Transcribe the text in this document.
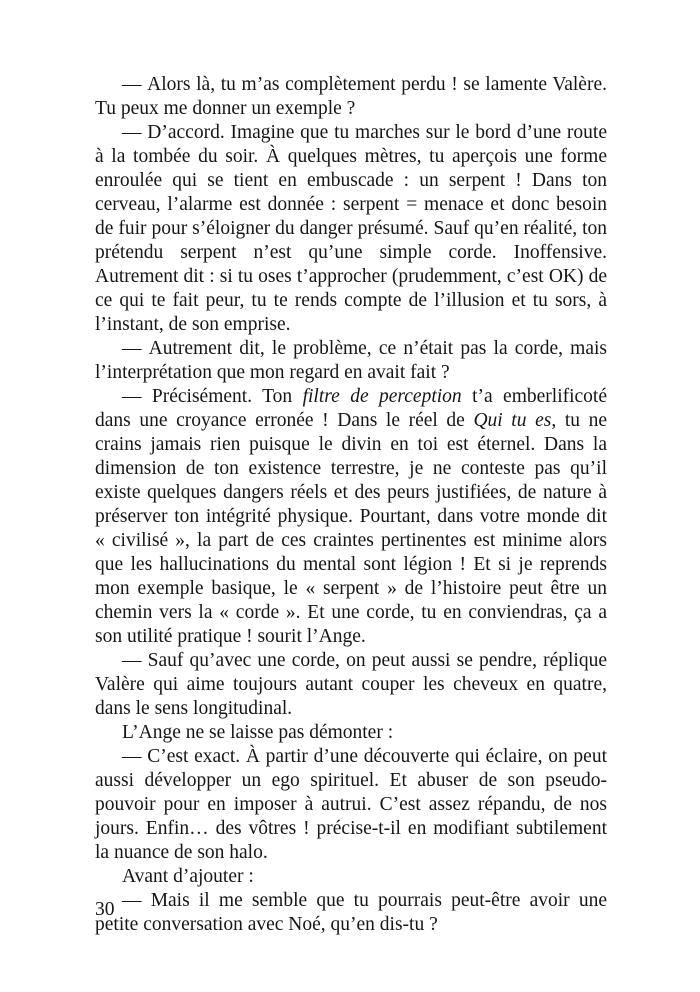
— Alors là, tu m’as complètement perdu ! se lamente Valère. Tu peux me donner un exemple ?

— D’accord. Imagine que tu marches sur le bord d’une route à la tombée du soir. À quelques mètres, tu aperçois une forme enroulée qui se tient en embuscade : un serpent ! Dans ton cerveau, l’alarme est donnée : serpent = menace et donc besoin de fuir pour s’éloigner du danger présumé. Sauf qu’en réalité, ton prétendu serpent n’est qu’une simple corde. Inoffensive. Autrement dit : si tu oses t’approcher (prudemment, c’est OK) de ce qui te fait peur, tu te rends compte de l’illusion et tu sors, à l’instant, de son emprise.

— Autrement dit, le problème, ce n’était pas la corde, mais l’interprétation que mon regard en avait fait ?

— Précisément. Ton filtre de perception t’a emberlificoté dans une croyance erronée ! Dans le réel de Qui tu es, tu ne crains jamais rien puisque le divin en toi est éternel. Dans la dimension de ton existence terrestre, je ne conteste pas qu’il existe quelques dangers réels et des peurs justifiées, de nature à préserver ton intégrité physique. Pourtant, dans votre monde dit « civilisé », la part de ces craintes pertinentes est minime alors que les hallucinations du mental sont légion ! Et si je reprends mon exemple basique, le « serpent » de l’histoire peut être un chemin vers la « corde ». Et une corde, tu en conviendras, ça a son utilité pratique ! sourit l’Ange.

— Sauf qu’avec une corde, on peut aussi se pendre, réplique Valère qui aime toujours autant couper les cheveux en quatre, dans le sens longitudinal.

L’Ange ne se laisse pas démonter :

— C’est exact. À partir d’une découverte qui éclaire, on peut aussi développer un ego spirituel. Et abuser de son pseudo-pouvoir pour en imposer à autrui. C’est assez répandu, de nos jours. Enfin… des vôtres ! précise-t-il en modifiant subtilement la nuance de son halo.

Avant d’ajouter :

— Mais il me semble que tu pourrais peut-être avoir une petite conversation avec Noé, qu’en dis-tu ?

30
